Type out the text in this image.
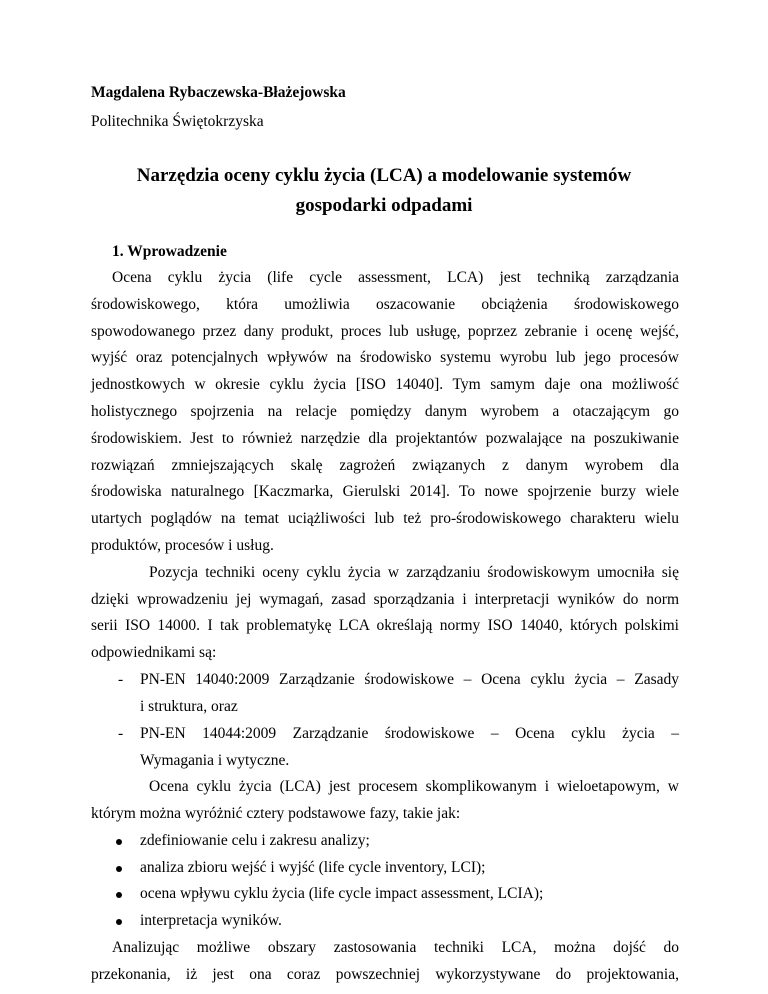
Magdalena Rybaczewska-Błażejowska
Politechnika Świętokrzyska
Narzędzia oceny cyklu życia (LCA) a modelowanie systemów
gospodarki odpadami
1. Wprowadzenie
Ocena cyklu życia (life cycle assessment, LCA) jest techniką zarządzania
środowiskowego, która umożliwia oszacowanie obciążenia środowiskowego
spowodowanego przez dany produkt, proces lub usługę, poprzez zebranie i ocenę wejść,
wyjść oraz potencjalnych wpływów na środowisko systemu wyrobu lub jego procesów
jednostkowych w okresie cyklu życia [ISO 14040]. Tym samym daje ona możliwość
holistycznego spojrzenia na relacje pomiędzy danym wyrobem a otaczającym go
środowiskiem. Jest to również narzędzie dla projektantów pozwalające na poszukiwanie
rozwiązań zmniejszających skalę zagrożeń związanych z danym wyrobem dla
środowiska naturalnego [Kaczmarka, Gierulski 2014]. To nowe spojrzenie burzy wiele
utartych poglądów na temat uciążliwości lub też pro-środowiskowego charakteru wielu
produktów, procesów i usług.
Pozycja techniki oceny cyklu życia w zarządzaniu środowiskowym umocniła się
dzięki wprowadzeniu jej wymagań, zasad sporządzania i interpretacji wyników do norm
serii ISO 14000. I tak problematykę LCA określają normy ISO 14040, których polskimi
odpowiednikami są:
- PN-EN 14040:2009 Zarządzanie środowiskowe – Ocena cyklu życia – Zasady
i struktura, oraz
- PN-EN 14044:2009 Zarządzanie środowiskowe – Ocena cyklu życia –
Wymagania i wytyczne.
Ocena cyklu życia (LCA) jest procesem skomplikowanym i wieloetapowym, w
którym można wyróżnić cztery podstawowe fazy, takie jak:
zdefiniowanie celu i zakresu analizy;
analiza zbioru wejść i wyjść (life cycle inventory, LCI);
ocena wpływu cyklu życia (life cycle impact assessment, LCIA);
interpretacja wyników.
Analizując możliwe obszary zastosowania techniki LCA, można dojść do
przekonania, iż jest ona coraz powszechniej wykorzystywane do projektowania,
